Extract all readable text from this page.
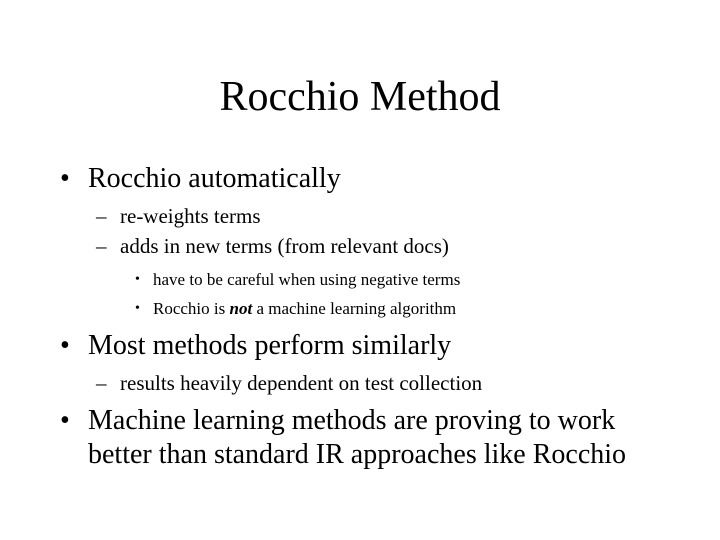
Rocchio Method
• Rocchio automatically
– re-weights terms
– adds in new terms (from relevant docs)
• have to be careful when using negative terms
• Rocchio is not a machine learning algorithm
• Most methods perform similarly
– results heavily dependent on test collection
• Machine learning methods are proving to work
better than standard IR approaches like Rocchio
